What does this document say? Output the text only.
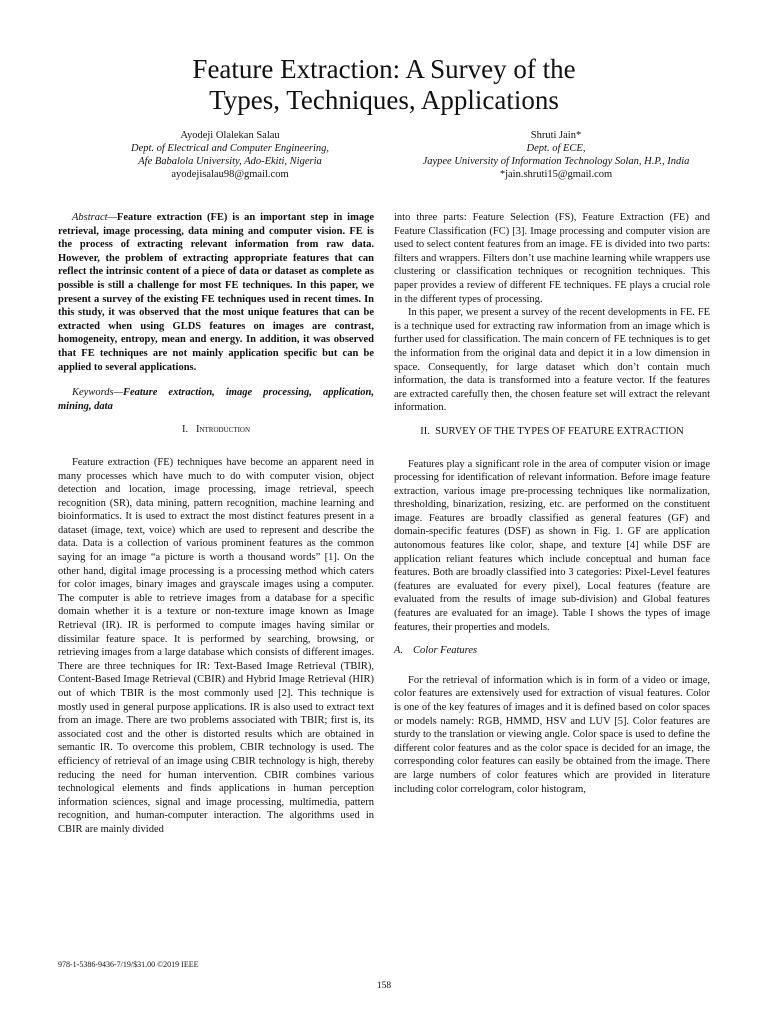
Feature Extraction: A Survey of the
Types, Techniques, Applications
Ayodeji Olalekan Salau
Dept. of Electrical and Computer Engineering,
Afe Babalola University, Ado-Ekiti, Nigeria
ayodejisalau98@gmail.com
Shruti Jain*
Dept. of ECE,
Jaypee University of Information Technology Solan, H.P., India
*jain.shruti15@gmail.com

Abstract—Feature extraction (FE) is an important step in image retrieval, image processing, data mining and computer vision. FE is the process of extracting relevant information from raw data. However, the problem of extracting appropriate features that can reflect the intrinsic content of a piece of data or dataset as complete as possible is still a challenge for most FE techniques. In this paper, we present a survey of the existing FE techniques used in recent times. In this study, it was observed that the most unique features that can be extracted when using GLDS features on images are contrast, homogeneity, entropy, mean and energy. In addition, it was observed that FE techniques are not mainly application specific but can be applied to several applications.

Keywords—Feature extraction, image processing, application, mining, data

I. Introduction

Feature extraction (FE) techniques have become an apparent need in many processes which have much to do with computer vision, object detection and location, image processing, image retrieval, speech recognition (SR), data mining, pattern recognition, machine learning and bioinformatics. It is used to extract the most distinct features present in a dataset (image, text, voice) which are used to represent and describe the data. Data is a collection of various prominent features as the common saying for an image “a picture is worth a thousand words” [1]. On the other hand, digital image processing is a processing method which caters for color images, binary images and grayscale images using a computer. The computer is able to retrieve images from a database for a specific domain whether it is a texture or non-texture image known as Image Retrieval (IR). IR is performed to compute images having similar or dissimilar feature space. It is performed by searching, browsing, or retrieving images from a large database which consists of different images. There are three techniques for IR: Text-Based Image Retrieval (TBIR), Content-Based Image Retrieval (CBIR) and Hybrid Image Retrieval (HIR) out of which TBIR is the most commonly used [2]. This technique is mostly used in general purpose applications. IR is also used to extract text from an image. There are two problems associated with TBIR; first is, its associated cost and the other is distorted results which are obtained in semantic IR. To overcome this problem, CBIR technology is used. The efficiency of retrieval of an image using CBIR technology is high, thereby reducing the need for human intervention. CBIR combines various technological elements and finds applications in human perception information sciences, signal and image processing, multimedia, pattern recognition, and human-computer interaction. The algorithms used in CBIR are mainly divided

into three parts: Feature Selection (FS), Feature Extraction (FE) and Feature Classification (FC) [3]. Image processing and computer vision are used to select content features from an image. FE is divided into two parts: filters and wrappers. Filters don’t use machine learning while wrappers use clustering or classification techniques or recognition techniques. This paper provides a review of different FE techniques. FE plays a crucial role in the different types of processing.

In this paper, we present a survey of the recent developments in FE. FE is a technique used for extracting raw information from an image which is further used for classification. The main concern of FE techniques is to get the information from the original data and depict it in a low dimension in space. Consequently, for large dataset which don’t contain much information, the data is transformed into a feature vector. If the features are extracted carefully then, the chosen feature set will extract the relevant information.

II. SURVEY OF THE TYPES OF FEATURE EXTRACTION

Features play a significant role in the area of computer vision or image processing for identification of relevant information. Before image feature extraction, various image pre-processing techniques like normalization, thresholding, binarization, resizing, etc. are performed on the constituent image. Features are broadly classified as general features (GF) and domain-specific features (DSF) as shown in Fig. 1. GF are application autonomous features like color, shape, and texture [4] while DSF are application reliant features which include conceptual and human face features. Both are broadly classified into 3 categories: Pixel-Level features (features are evaluated for every pixel), Local features (feature are evaluated from the results of image sub-division) and Global features (features are evaluated for an image). Table I shows the types of image features, their properties and models.

A. Color Features

For the retrieval of information which is in form of a video or image, color features are extensively used for extraction of visual features. Color is one of the key features of images and it is defined based on color spaces or models namely: RGB, HMMD, HSV and LUV [5]. Color features are sturdy to the translation or viewing angle. Color space is used to define the different color features and as the color space is decided for an image, the corresponding color features can easily be obtained from the image. There are large numbers of color features which are provided in literature including color correlogram, color histogram,

978-1-5386-9436-7/19/$31.00 ©2019 IEEE
158
